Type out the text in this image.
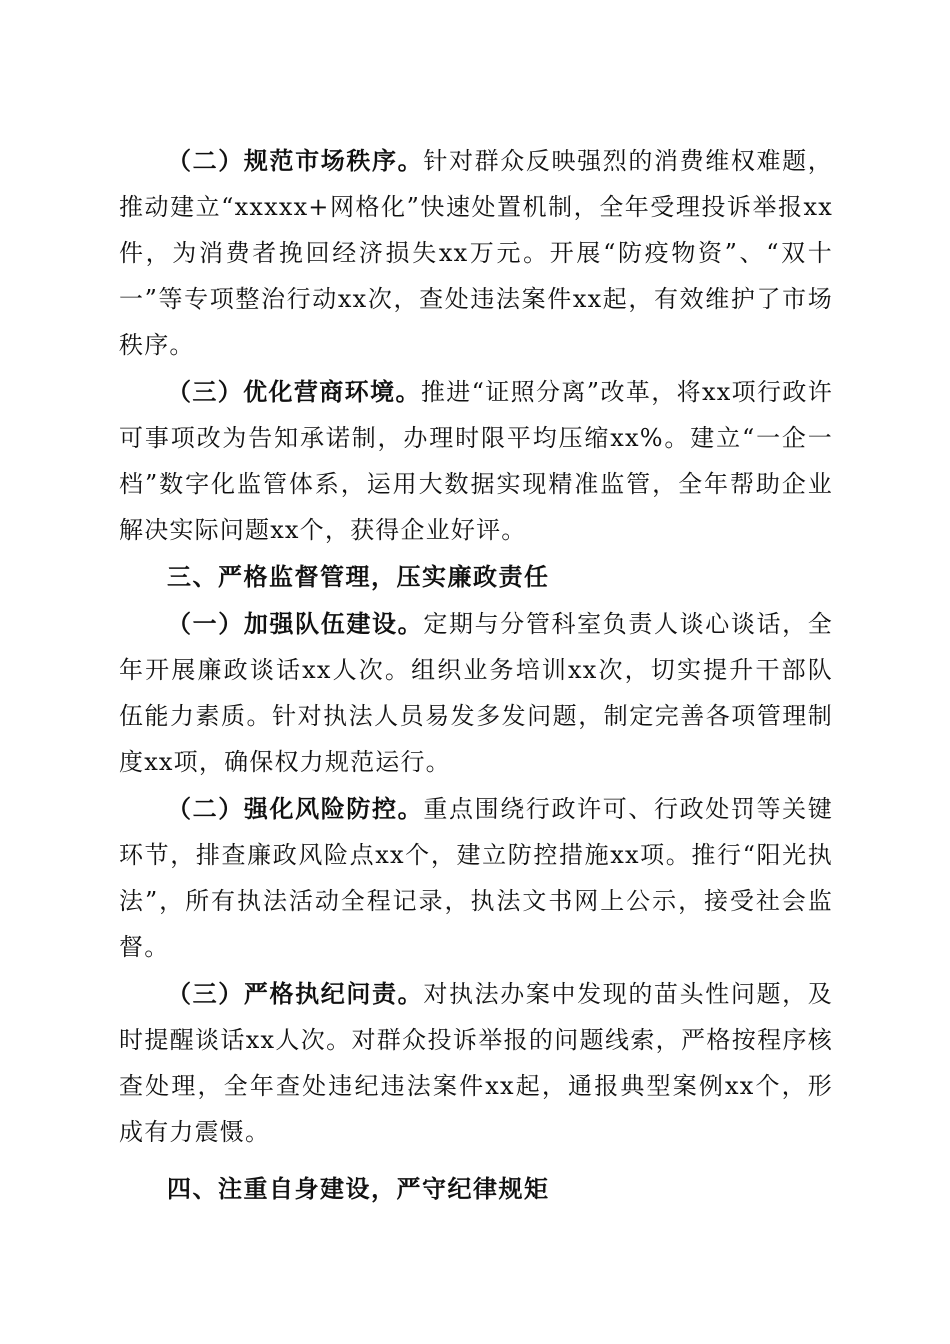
（二）规范市场秩序。针对群众反映强烈的消费维权难题，推动建立“xxxxx+网格化”快速处置机制，全年受理投诉举报xx件，为消费者挽回经济损失xx万元。开展“防疫物资”、“双十一”等专项整治行动xx次，查处违法案件xx起，有效维护了市场秩序。

（三）优化营商环境。推进“证照分离”改革，将xx项行政许可事项改为告知承诺制，办理时限平均压缩xx%。建立“一企一档”数字化监管体系，运用大数据实现精准监管，全年帮助企业解决实际问题xx个，获得企业好评。

三、严格监督管理，压实廉政责任

（一）加强队伍建设。定期与分管科室负责人谈心谈话，全年开展廉政谈话xx人次。组织业务培训xx次，切实提升干部队伍能力素质。针对执法人员易发多发问题，制定完善各项管理制度xx项，确保权力规范运行。

（二）强化风险防控。重点围绕行政许可、行政处罚等关键环节，排查廉政风险点xx个，建立防控措施xx项。推行“阳光执法”，所有执法活动全程记录，执法文书网上公示，接受社会监督。

（三）严格执纪问责。对执法办案中发现的苗头性问题，及时提醒谈话xx人次。对群众投诉举报的问题线索，严格按程序核查处理，全年查处违纪违法案件xx起，通报典型案例xx个，形成有力震慑。

四、注重自身建设，严守纪律规矩
